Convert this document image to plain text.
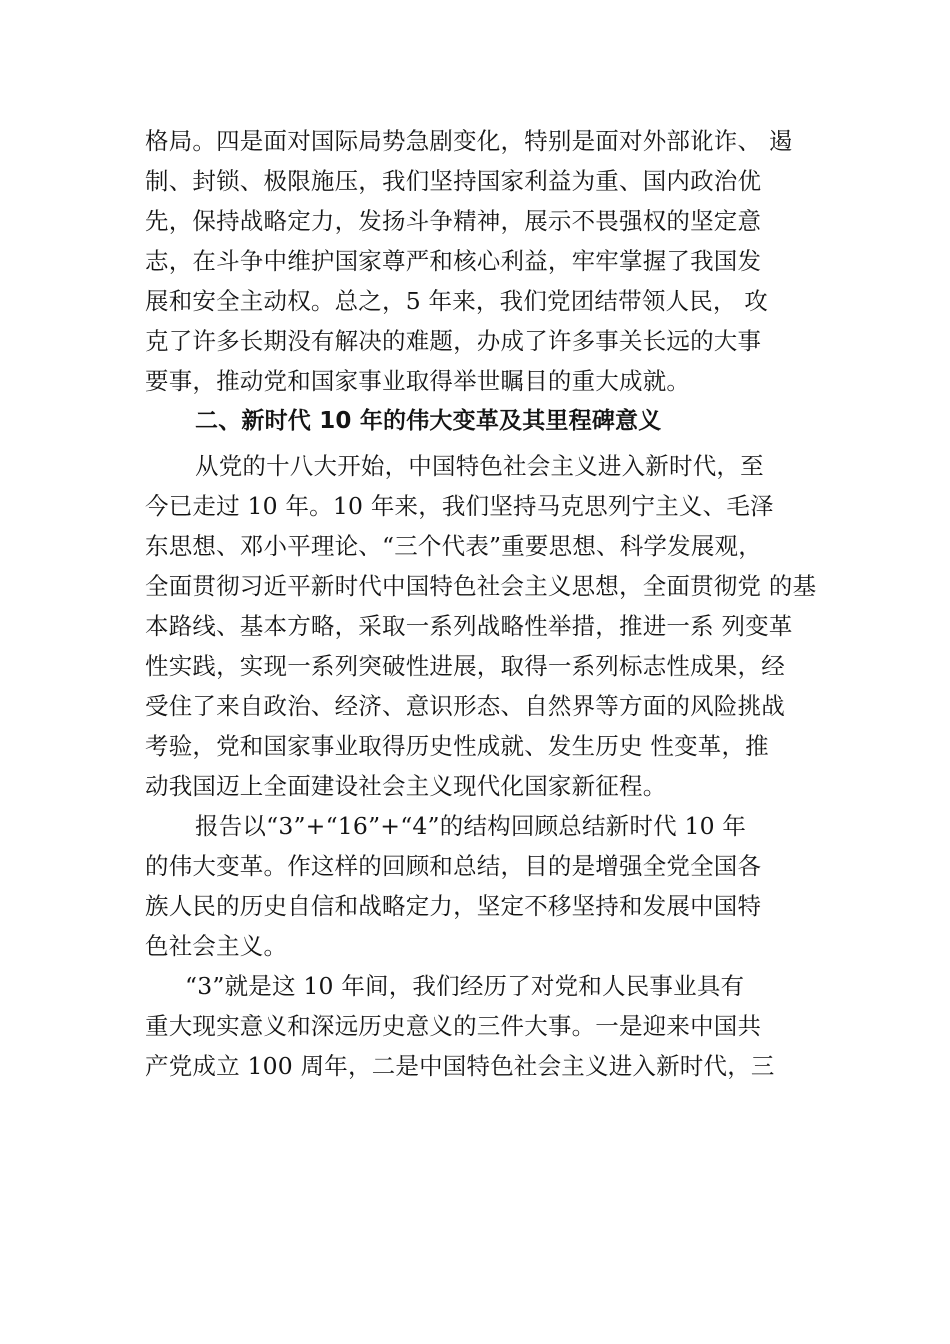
格局。四是面对国际局势急剧变化，特别是面对外部讹诈、 遏
制、封锁、极限施压，我们坚持国家利益为重、国内政治优
先，保持战略定力，发扬斗争精神，展示不畏强权的坚定意
志，在斗争中维护国家尊严和核心利益，牢牢掌握了我国发
展和安全主动权。总之，5 年来，我们党团结带领人民， 攻
克了许多长期没有解决的难题，办成了许多事关长远的大事
要事，推动党和国家事业取得举世瞩目的重大成就。
二、新时代 10 年的伟大变革及其里程碑意义
从党的十八大开始，中国特色社会主义进入新时代，至
今已走过 10 年。10 年来，我们坚持马克思列宁主义、毛泽
东思想、邓小平理论、“三个代表”重要思想、科学发展观，
全面贯彻习近平新时代中国特色社会主义思想，全面贯彻党 的基
本路线、基本方略，采取一系列战略性举措，推进一系 列变革
性实践，实现一系列突破性进展，取得一系列标志性成果，经
受住了来自政治、经济、意识形态、自然界等方面的风险挑战
考验，党和国家事业取得历史性成就、发生历史 性变革，推
动我国迈上全面建设社会主义现代化国家新征程。
报告以“3”+“16”+“4”的结构回顾总结新时代 10 年
的伟大变革。作这样的回顾和总结，目的是增强全党全国各
族人民的历史自信和战略定力，坚定不移坚持和发展中国特
色社会主义。
“3”就是这 10 年间，我们经历了对党和人民事业具有
重大现实意义和深远历史意义的三件大事。一是迎来中国共
产党成立 100 周年，二是中国特色社会主义进入新时代，三
